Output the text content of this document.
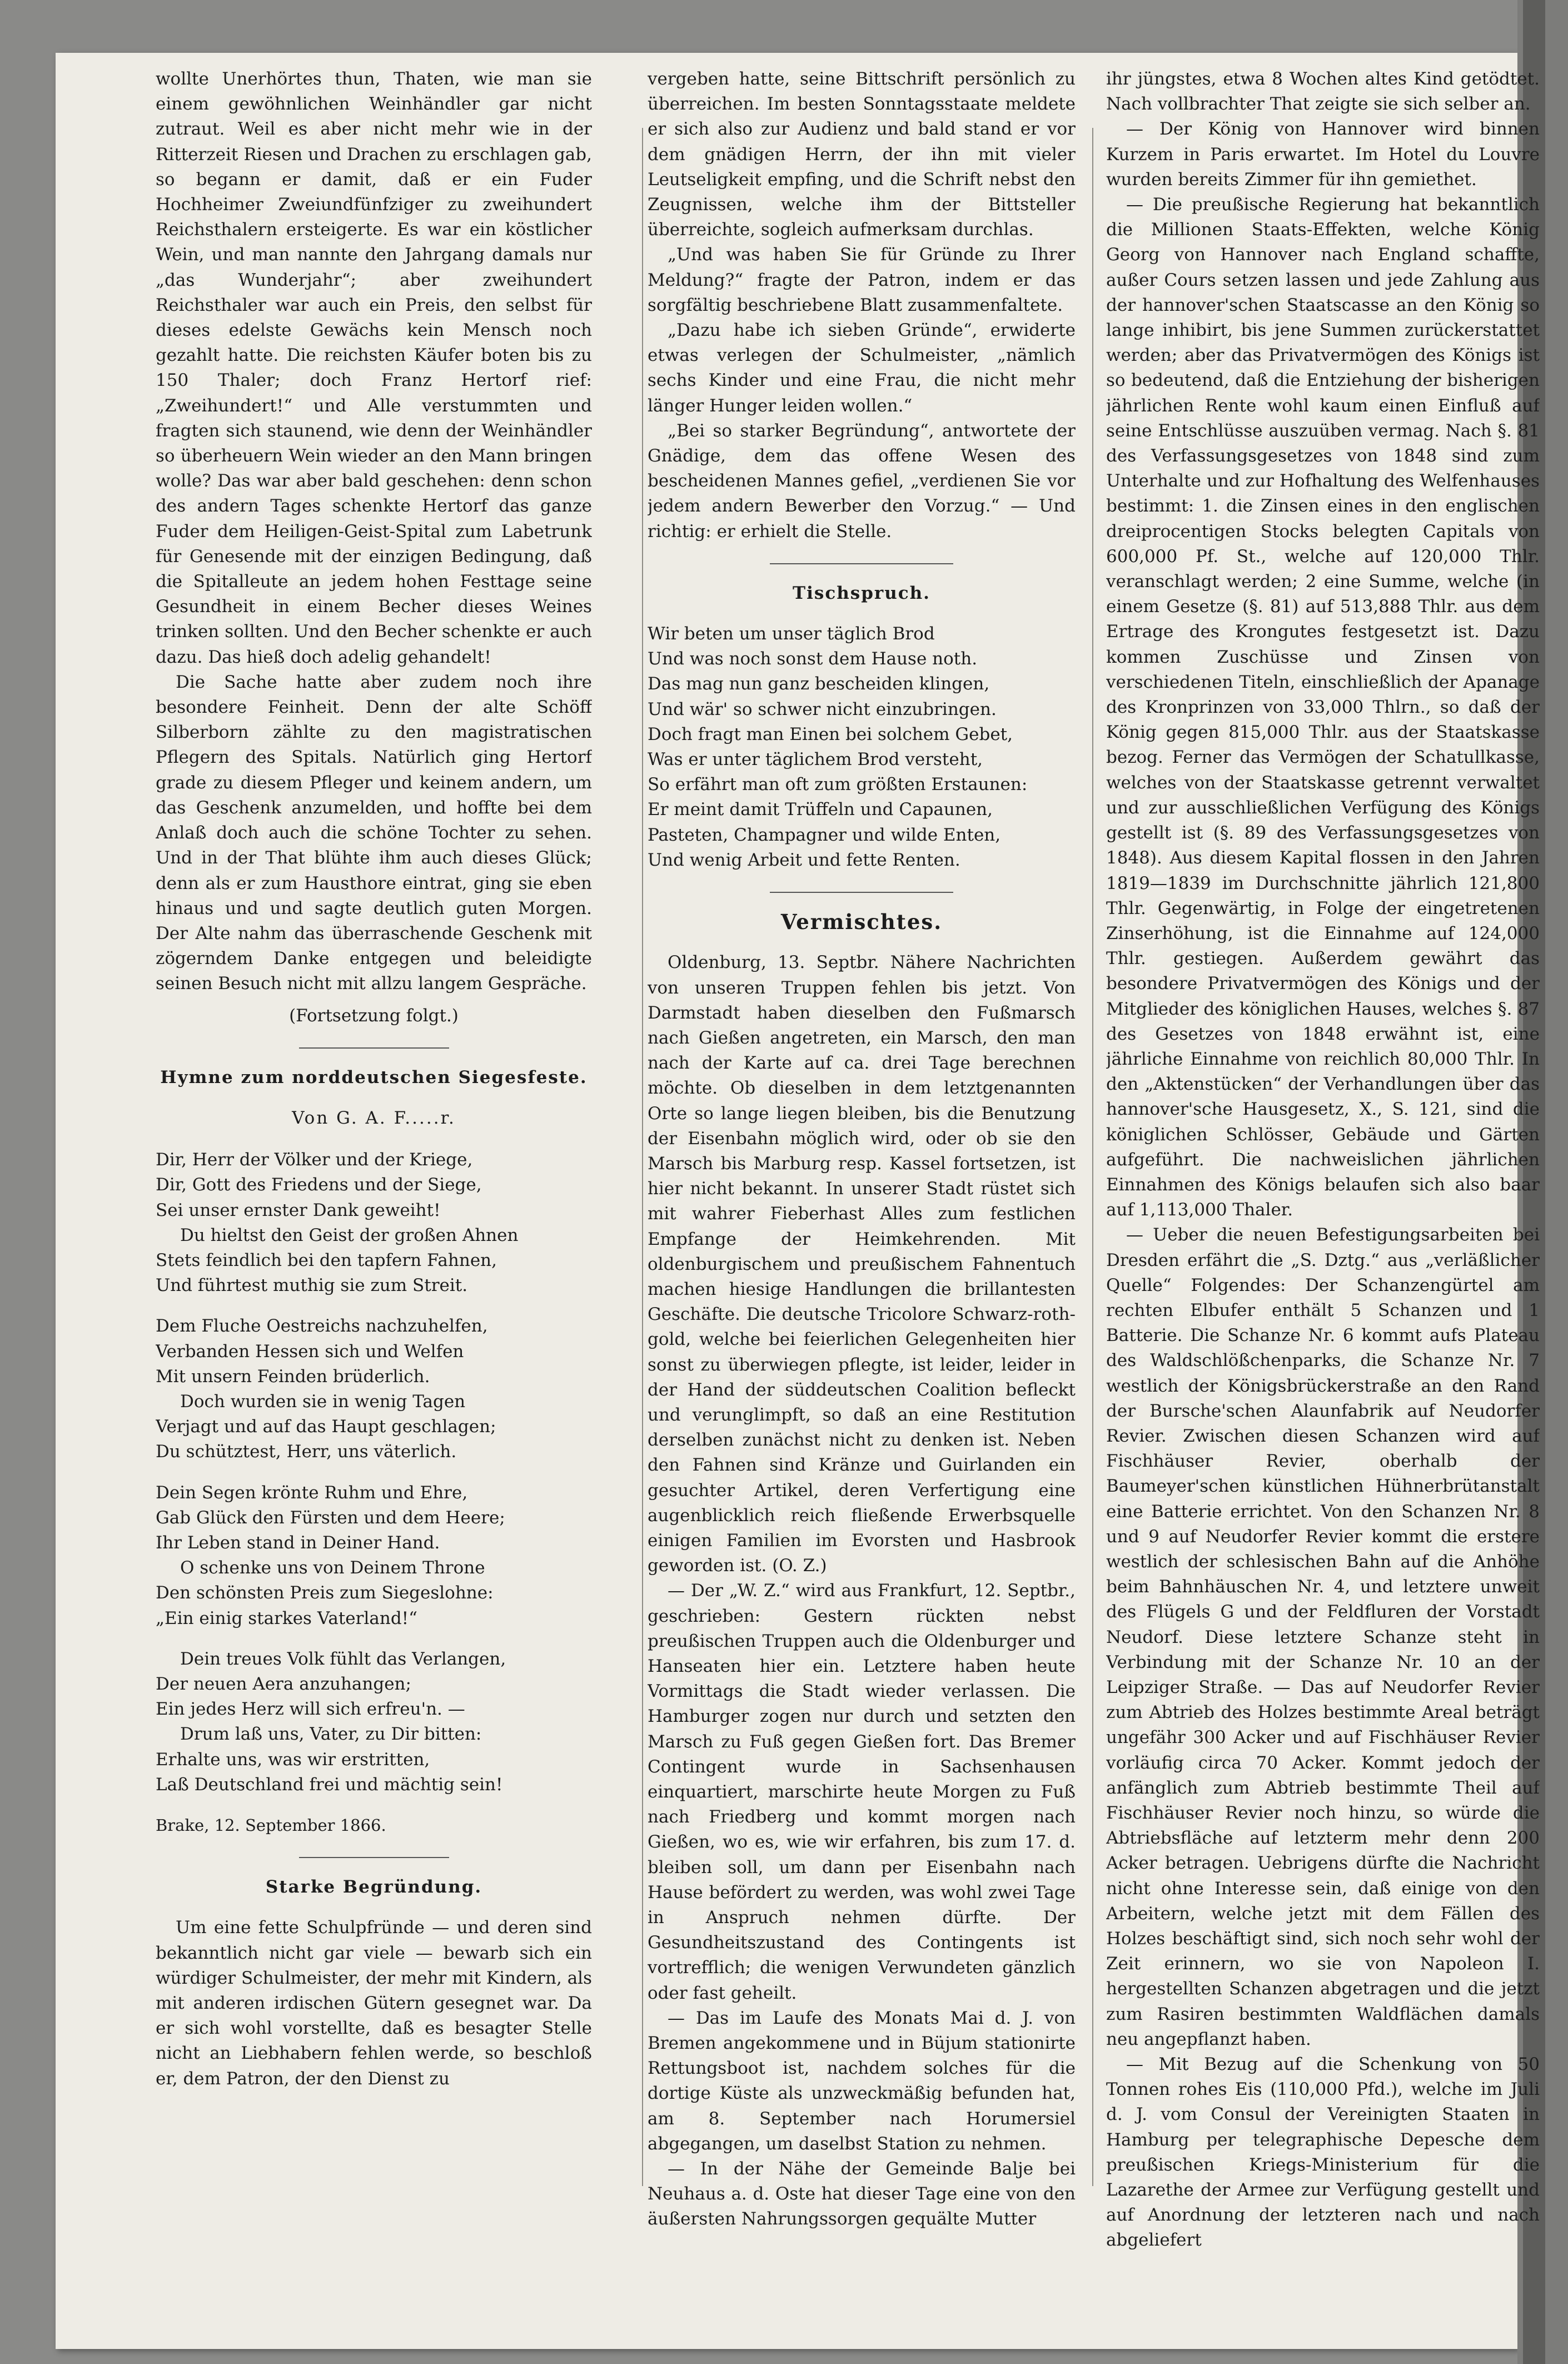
wollte Unerhörtes thun, Thaten, wie man sie einem gewöhnlichen Weinhändler gar nicht zutraut. Weil es aber nicht mehr wie in der Ritterzeit Riesen und Drachen zu erschlagen gab, so begann er damit, daß er ein Fuder Hochheimer Zweiundfünfziger zu zweihundert Reichsthalern ersteigerte. Es war ein köstlicher Wein, und man nannte den Jahrgang damals nur „das Wunderjahr“; aber zweihundert Reichsthaler war auch ein Preis, den selbst für dieses edelste Gewächs kein Mensch noch gezahlt hatte. Die reichsten Käufer boten bis zu 150 Thaler; doch Franz Hertorf rief: „Zweihundert!“ und Alle verstummten und fragten sich staunend, wie denn der Weinhändler so überheuern Wein wieder an den Mann bringen wolle? Das war aber bald geschehen: denn schon des andern Tages schenkte Hertorf das ganze Fuder dem Heiligen-Geist-Spital zum Labetrunk für Genesende mit der einzigen Bedingung, daß die Spitalleute an jedem hohen Festtage seine Gesundheit in einem Becher dieses Weines trinken sollten. Und den Becher schenkte er auch dazu. Das hieß doch adelig gehandelt!

Die Sache hatte aber zudem noch ihre besondere Feinheit. Denn der alte Schöff Silberborn zählte zu den magistratischen Pflegern des Spitals. Natürlich ging Hertorf grade zu diesem Pfleger und keinem andern, um das Geschenk anzumelden, und hoffte bei dem Anlaß doch auch die schöne Tochter zu sehen. Und in der That blühte ihm auch dieses Glück; denn als er zum Hausthore eintrat, ging sie eben hinaus und und sagte deutlich guten Morgen. Der Alte nahm das überraschende Geschenk mit zögerndem Danke entgegen und beleidigte seinen Besuch nicht mit allzu langem Gespräche.

(Fortsetzung folgt.)
Hymne zum norddeutschen Siegesfeste.
Von G. A. F.....r.
Dir, Herr der Völker und der Kriege,
Dir, Gott des Friedens und der Siege,
Sei unser ernster Dank geweiht!
Du hieltst den Geist der großen Ahnen
Stets feindlich bei den tapfern Fahnen,
Und führtest muthig sie zum Streit.
Dem Fluche Oestreichs nachzuhelfen,
Verbanden Hessen sich und Welfen
Mit unsern Feinden brüderlich.
Doch wurden sie in wenig Tagen
Verjagt und auf das Haupt geschlagen;
Du schütztest, Herr, uns väterlich.
Dein Segen krönte Ruhm und Ehre,
Gab Glück den Fürsten und dem Heere;
Ihr Leben stand in Deiner Hand.
O schenke uns von Deinem Throne
Den schönsten Preis zum Siegeslohne:
„Ein einig starkes Vaterland!“
Dein treues Volk fühlt das Verlangen,
Der neuen Aera anzuhangen;
Ein jedes Herz will sich erfreu'n. —
Drum laß uns, Vater, zu Dir bitten:
Erhalte uns, was wir erstritten,
Laß Deutschland frei und mächtig sein!
Brake, 12. September 1866.
Starke Begründung.

Um eine fette Schulpfründe — und deren sind bekanntlich nicht gar viele — bewarb sich ein würdiger Schulmeister, der mehr mit Kindern, als mit anderen irdischen Gütern gesegnet war. Da er sich wohl vorstellte, daß es besagter Stelle nicht an Liebhabern fehlen werde, so beschloß er, dem Patron, der den Dienst zu

vergeben hatte, seine Bittschrift persönlich zu überreichen. Im besten Sonntagsstaate meldete er sich also zur Audienz und bald stand er vor dem gnädigen Herrn, der ihn mit vieler Leutseligkeit empfing, und die Schrift nebst den Zeugnissen, welche ihm der Bittsteller überreichte, sogleich aufmerksam durchlas.

„Und was haben Sie für Gründe zu Ihrer Meldung?“ fragte der Patron, indem er das sorgfältig beschriebene Blatt zusammenfaltete.

„Dazu habe ich sieben Gründe“, erwiderte etwas verlegen der Schulmeister, „nämlich sechs Kinder und eine Frau, die nicht mehr länger Hunger leiden wollen.“

„Bei so starker Begründung“, antwortete der Gnädige, dem das offene Wesen des bescheidenen Mannes gefiel, „verdienen Sie vor jedem andern Bewerber den Vorzug.“ — Und richtig: er erhielt die Stelle.

Tischspruch.
Wir beten um unser täglich Brod
Und was noch sonst dem Hause noth.
Das mag nun ganz bescheiden klingen,
Und wär' so schwer nicht einzubringen.
Doch fragt man Einen bei solchem Gebet,
Was er unter täglichem Brod versteht,
So erfährt man oft zum größten Erstaunen:
Er meint damit Trüffeln und Capaunen,
Pasteten, Champagner und wilde Enten,
Und wenig Arbeit und fette Renten.
Vermischtes.

Oldenburg, 13. Septbr. Nähere Nachrichten von unseren Truppen fehlen bis jetzt. Von Darmstadt haben dieselben den Fußmarsch nach Gießen angetreten, ein Marsch, den man nach der Karte auf ca. drei Tage berechnen möchte. Ob dieselben in dem letztgenannten Orte so lange liegen bleiben, bis die Benutzung der Eisenbahn möglich wird, oder ob sie den Marsch bis Marburg resp. Kassel fortsetzen, ist hier nicht bekannt. In unserer Stadt rüstet sich mit wahrer Fieberhast Alles zum festlichen Empfange der Heimkehrenden. Mit oldenburgischem und preußischem Fahnentuch machen hiesige Handlungen die brillantesten Geschäfte. Die deutsche Tricolore Schwarz-roth-gold, welche bei feierlichen Gelegenheiten hier sonst zu überwiegen pflegte, ist leider, leider in der Hand der süddeutschen Coalition befleckt und verunglimpft, so daß an eine Restitution derselben zunächst nicht zu denken ist. Neben den Fahnen sind Kränze und Guirlanden ein gesuchter Artikel, deren Verfertigung eine augenblicklich reich fließende Erwerbsquelle einigen Familien im Evorsten und Hasbrook geworden ist. (O. Z.)

— Der „W. Z.“ wird aus Frankfurt, 12. Septbr., geschrieben: Gestern rückten nebst preußischen Truppen auch die Oldenburger und Hanseaten hier ein. Letztere haben heute Vormittags die Stadt wieder verlassen. Die Hamburger zogen nur durch und setzten den Marsch zu Fuß gegen Gießen fort. Das Bremer Contingent wurde in Sachsenhausen einquartiert, marschirte heute Morgen zu Fuß nach Friedberg und kommt morgen nach Gießen, wo es, wie wir erfahren, bis zum 17. d. bleiben soll, um dann per Eisenbahn nach Hause befördert zu werden, was wohl zwei Tage in Anspruch nehmen dürfte. Der Gesundheitszustand des Contingents ist vortrefflich; die wenigen Verwundeten gänzlich oder fast geheilt.

— Das im Laufe des Monats Mai d. J. von Bremen angekommene und in Büjum stationirte Rettungsboot ist, nachdem solches für die dortige Küste als unzweckmäßig befunden hat, am 8. September nach Horumersiel abgegangen, um daselbst Station zu nehmen.

— In der Nähe der Gemeinde Balje bei Neuhaus a. d. Oste hat dieser Tage eine von den äußersten Nahrungssorgen gequälte Mutter

ihr jüngstes, etwa 8 Wochen altes Kind getödtet. Nach vollbrachter That zeigte sie sich selber an.

— Der König von Hannover wird binnen Kurzem in Paris erwartet. Im Hotel du Louvre wurden bereits Zimmer für ihn gemiethet.

— Die preußische Regierung hat bekanntlich die Millionen Staats-Effekten, welche König Georg von Hannover nach England schaffte, außer Cours setzen lassen und jede Zahlung aus der hannover'schen Staatscasse an den König so lange inhibirt, bis jene Summen zurückerstattet werden; aber das Privatvermögen des Königs ist so bedeutend, daß die Entziehung der bisherigen jährlichen Rente wohl kaum einen Einfluß auf seine Entschlüsse auszuüben vermag. Nach §. 81 des Verfassungsgesetzes von 1848 sind zum Unterhalte und zur Hofhaltung des Welfenhauses bestimmt: 1. die Zinsen eines in den englischen dreiprocentigen Stocks belegten Capitals von 600,000 Pf. St., welche auf 120,000 Thlr. veranschlagt werden; 2 eine Summe, welche (in einem Gesetze (§. 81) auf 513,888 Thlr. aus dem Ertrage des Krongutes festgesetzt ist. Dazu kommen Zuschüsse und Zinsen von verschiedenen Titeln, einschließlich der Apanage des Kronprinzen von 33,000 Thlrn., so daß der König gegen 815,000 Thlr. aus der Staatskasse bezog. Ferner das Vermögen der Schatullkasse, welches von der Staatskasse getrennt verwaltet und zur ausschließlichen Verfügung des Königs gestellt ist (§. 89 des Verfassungsgesetzes von 1848). Aus diesem Kapital flossen in den Jahren 1819—1839 im Durchschnitte jährlich 121,800 Thlr. Gegenwärtig, in Folge der eingetretenen Zinserhöhung, ist die Einnahme auf 124,000 Thlr. gestiegen. Außerdem gewährt das besondere Privatvermögen des Königs und der Mitglieder des königlichen Hauses, welches §. 87 des Gesetzes von 1848 erwähnt ist, eine jährliche Einnahme von reichlich 80,000 Thlr. In den „Aktenstücken“ der Verhandlungen über das hannover'sche Hausgesetz, X., S. 121, sind die königlichen Schlösser, Gebäude und Gärten aufgeführt. Die nachweislichen jährlichen Einnahmen des Königs belaufen sich also baar auf 1,113,000 Thaler.

— Ueber die neuen Befestigungsarbeiten bei Dresden erfährt die „S. Dztg.“ aus „verläßlicher Quelle“ Folgendes: Der Schanzengürtel am rechten Elbufer enthält 5 Schanzen und 1 Batterie. Die Schanze Nr. 6 kommt aufs Plateau des Waldschlößchenparks, die Schanze Nr. 7 westlich der Königsbrückerstraße an den Rand der Bursche'schen Alaunfabrik auf Neudorfer Revier. Zwischen diesen Schanzen wird auf Fischhäuser Revier, oberhalb der Baumeyer'schen künstlichen Hühnerbrütanstalt eine Batterie errichtet. Von den Schanzen Nr. 8 und 9 auf Neudorfer Revier kommt die erstere westlich der schlesischen Bahn auf die Anhöhe beim Bahnhäuschen Nr. 4, und letztere unweit des Flügels G und der Feldfluren der Vorstadt Neudorf. Diese letztere Schanze steht in Verbindung mit der Schanze Nr. 10 an der Leipziger Straße. — Das auf Neudorfer Revier zum Abtrieb des Holzes bestimmte Areal beträgt ungefähr 300 Acker und auf Fischhäuser Revier vorläufig circa 70 Acker. Kommt jedoch der anfänglich zum Abtrieb bestimmte Theil auf Fischhäuser Revier noch hinzu, so würde die Abtriebsfläche auf letzterm mehr denn 200 Acker betragen. Uebrigens dürfte die Nachricht nicht ohne Interesse sein, daß einige von den Arbeitern, welche jetzt mit dem Fällen des Holzes beschäftigt sind, sich noch sehr wohl der Zeit erinnern, wo sie von Napoleon I. hergestellten Schanzen abgetragen und die jetzt zum Rasiren bestimmten Waldflächen damals neu angepflanzt haben.

— Mit Bezug auf die Schenkung von 50 Tonnen rohes Eis (110,000 Pfd.), welche im Juli d. J. vom Consul der Vereinigten Staaten in Hamburg per telegraphische Depesche dem preußischen Kriegs-Ministerium für die Lazarethe der Armee zur Verfügung gestellt und auf Anordnung der letzteren nach und nach abgeliefert
